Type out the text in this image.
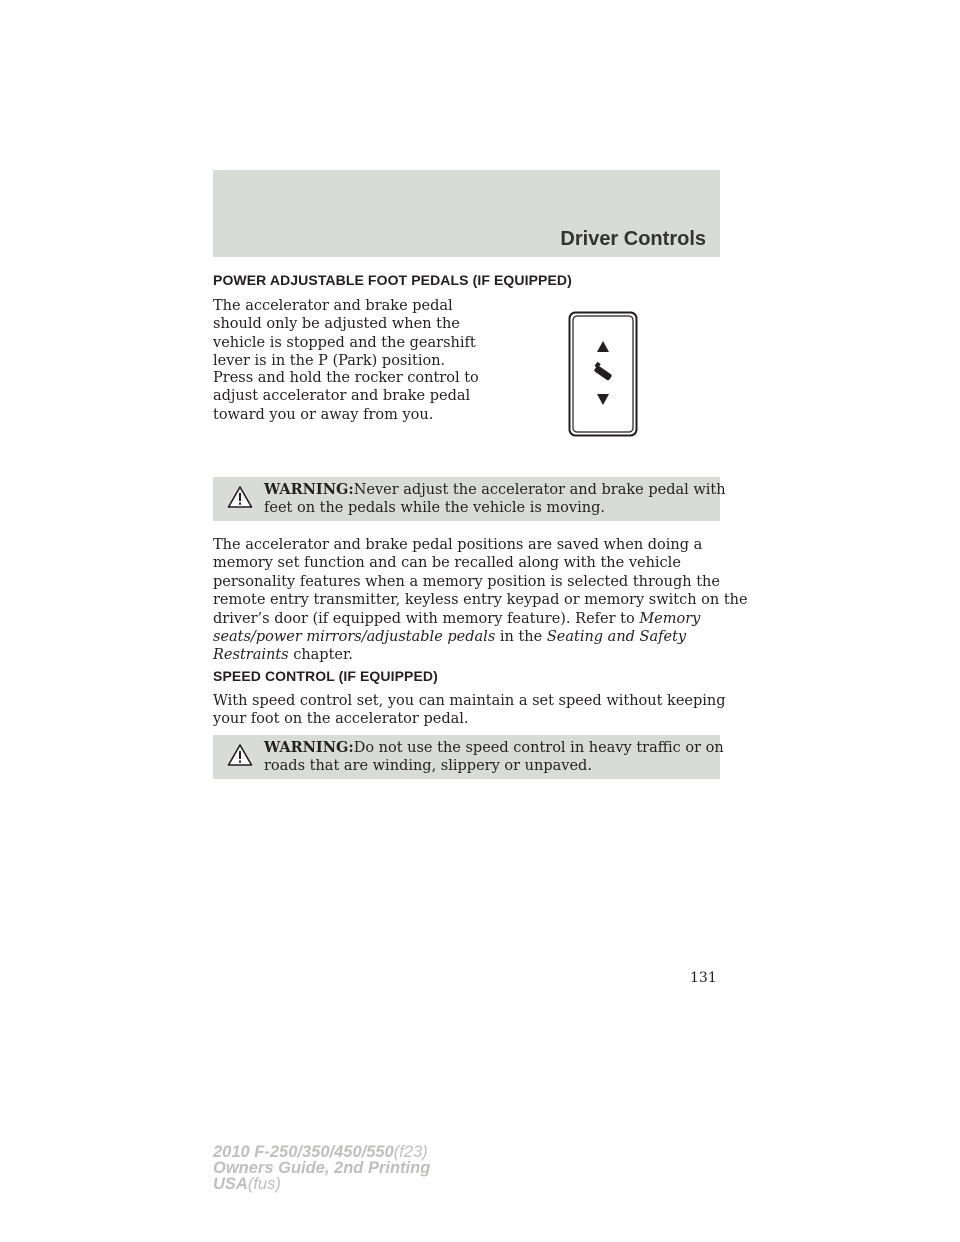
Driver Controls
POWER ADJUSTABLE FOOT PEDALS (IF EQUIPPED)
The accelerator and brake pedal
should only be adjusted when the
vehicle is stopped and the gearshift
lever is in the P (Park) position.
Press and hold the rocker control to
adjust accelerator and brake pedal
toward you or away from you.
WARNING:Never adjust the accelerator and brake pedal with
feet on the pedals while the vehicle is moving.
The accelerator and brake pedal positions are saved when doing a
memory set function and can be recalled along with the vehicle
personality features when a memory position is selected through the
remote entry transmitter, keyless entry keypad or memory switch on the
driver’s door (if equipped with memory feature). Refer to Memory
seats/power mirrors/adjustable pedals in the Seating and Safety
Restraints chapter.
SPEED CONTROL (IF EQUIPPED)
With speed control set, you can maintain a set speed without keeping
your foot on the accelerator pedal.
WARNING:Do not use the speed control in heavy traffic or on
roads that are winding, slippery or unpaved.
131
2010 F-250/350/450/550(f23)
Owners Guide, 2nd Printing
USA(fus)
